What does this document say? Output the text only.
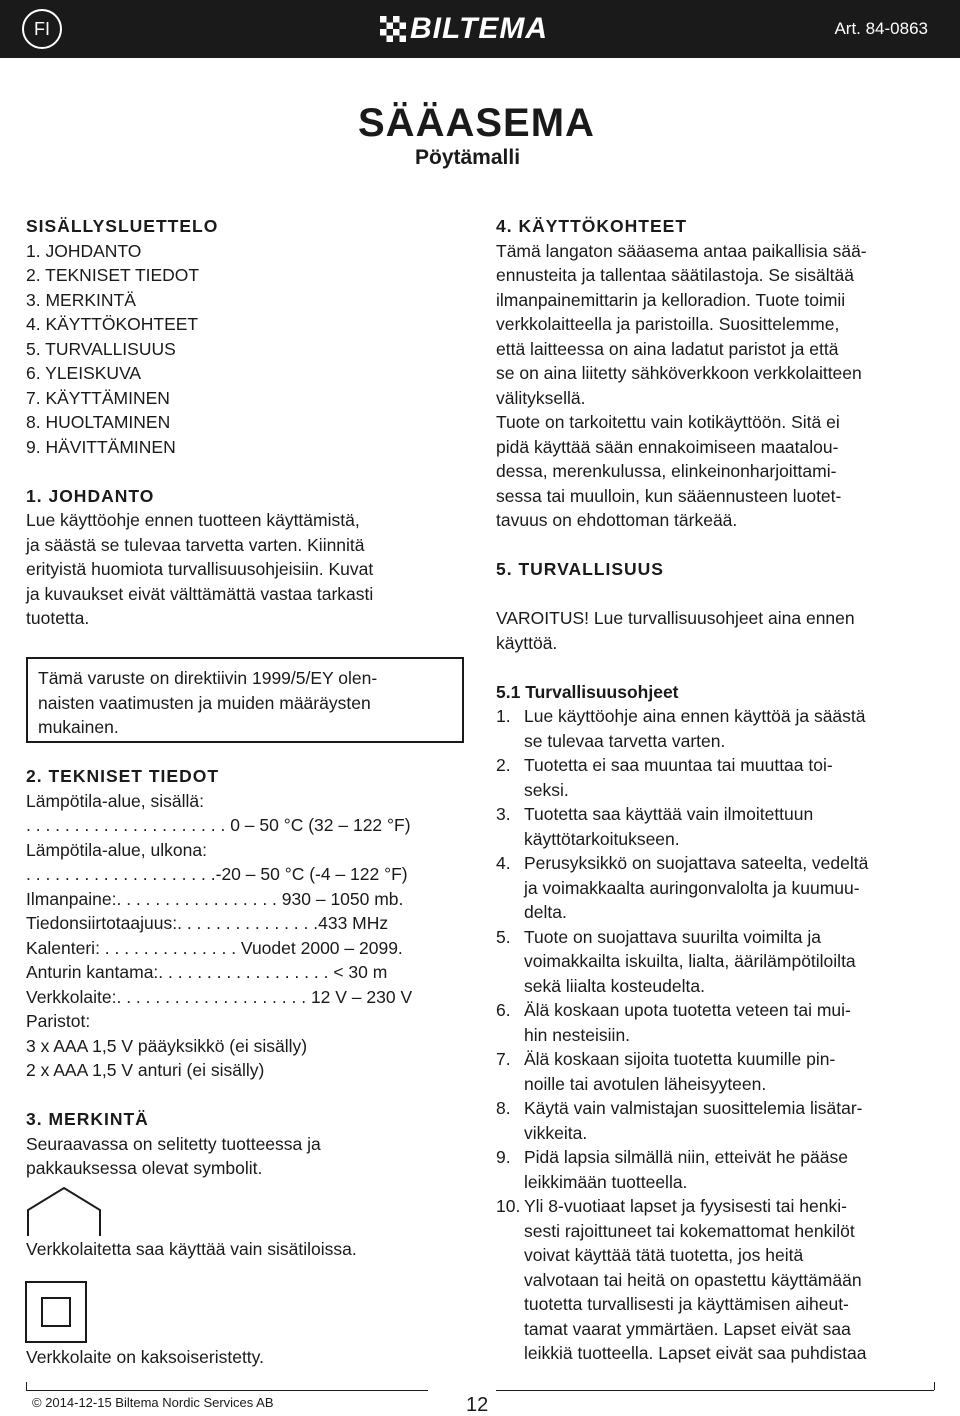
FI	BILTEMA	Art. 84-0863
SÄÄASEMA
Pöytämalli
SISÄLLYSLUETTELO
1. JOHDANTO
2. TEKNISET TIEDOT
3. MERKINTÄ
4. KÄYTTÖKOHTEET
5. TURVALLISUUS
6. YLEISKUVA
7. KÄYTTÄMINEN
8. HUOLTAMINEN
9. HÄVITTÄMINEN
1. JOHDANTO
Lue käyttöohje ennen tuotteen käyttämistä,
ja säästä se tulevaa tarvetta varten. Kiinnitä
erityistä huomiota turvallisuusohjeisiin. Kuvat
ja kuvaukset eivät välttämättä vastaa tarkasti
tuotetta.
Tämä varuste on direktiivin 1999/5/EY olen-
naisten vaatimusten ja muiden määräysten
mukainen.
2. TEKNISET TIEDOT
Lämpötila-alue, sisällä:
. . . . . . . . . . . . . . . . . . . . . 0 – 50 °C (32 – 122 °F)
Lämpötila-alue, ulkona:
. . . . . . . . . . . . . . . . . . . .-20 – 50 °C (-4 – 122 °F)
Ilmanpaine:. . . . . . . . . . . . . . . . . 930 – 1050 mb.
Tiedonsiirtotaajuus:. . . . . . . . . . . . . . .433 MHz
Kalenteri: . . . . . . . . . . . . . . Vuodet 2000 – 2099.
Anturin kantama:. . . . . . . . . . . . . . . . . . < 30 m
Verkkolaite:. . . . . . . . . . . . . . . . . . . . 12 V – 230 V
Paristot:
3 x AAA 1,5 V pääyksikkö (ei sisälly)
2 x AAA 1,5 V anturi (ei sisälly)
3. MERKINTÄ
Seuraavassa on selitetty tuotteessa ja
pakkauksessa olevat symbolit.
Verkkolaitetta saa käyttää vain sisätiloissa.
Verkkolaite on kaksoiseristetty.
4. KÄYTTÖKOHTEET
Tämä langaton sääasema antaa paikallisia sää-
ennusteita ja tallentaa säätilastoja. Se sisältää
ilmanpainemittarin ja kelloradion. Tuote toimii
verkkolaitteella ja paristoilla. Suosittelemme,
että laitteessa on aina ladatut paristot ja että
se on aina liitetty sähköverkkoon verkkolaitteen
välityksellä.
Tuote on tarkoitettu vain kotikäyttöön. Sitä ei
pidä käyttää sään ennakoimiseen maatalou-
dessa, merenkulussa, elinkeinonharjoittami-
sessa tai muulloin, kun sääennusteen luotet-
tavuus on ehdottoman tärkeää.
5. TURVALLISUUS
VAROITUS! Lue turvallisuusohjeet aina ennen
käyttöä.
5.1 Turvallisuusohjeet
1. Lue käyttöohje aina ennen käyttöä ja säästä
se tulevaa tarvetta varten.
2. Tuotetta ei saa muuntaa tai muuttaa toi-
seksi.
3. Tuotetta saa käyttää vain ilmoitettuun
käyttötarkoitukseen.
4. Perusyksikkö on suojattava sateelta, vedeltä
ja voimakkaalta auringonvalolta ja kuumuu-
delta.
5. Tuote on suojattava suurilta voimilta ja
voimakkailta iskuilta, lialta, äärilämpötiloilta
sekä liialta kosteudelta.
6. Älä koskaan upota tuotetta veteen tai mui-
hin nesteisiin.
7. Älä koskaan sijoita tuotetta kuumille pin-
noille tai avotulen läheisyyteen.
8. Käytä vain valmistajan suosittelemia lisätar-
vikkeita.
9. Pidä lapsia silmällä niin, etteivät he pääse
leikkimään tuotteella.
10. Yli 8-vuotiaat lapset ja fyysisesti tai henki-
sesti rajoittuneet tai kokemattomat henkilöt
voivat käyttää tätä tuotetta, jos heitä
valvotaan tai heitä on opastettu käyttämään
tuotetta turvallisesti ja käyttämisen aiheut-
tamat vaarat ymmärtäen. Lapset eivät saa
leikkiä tuotteella. Lapset eivät saa puhdistaa
© 2014-12-15 Biltema Nordic Services AB	12
